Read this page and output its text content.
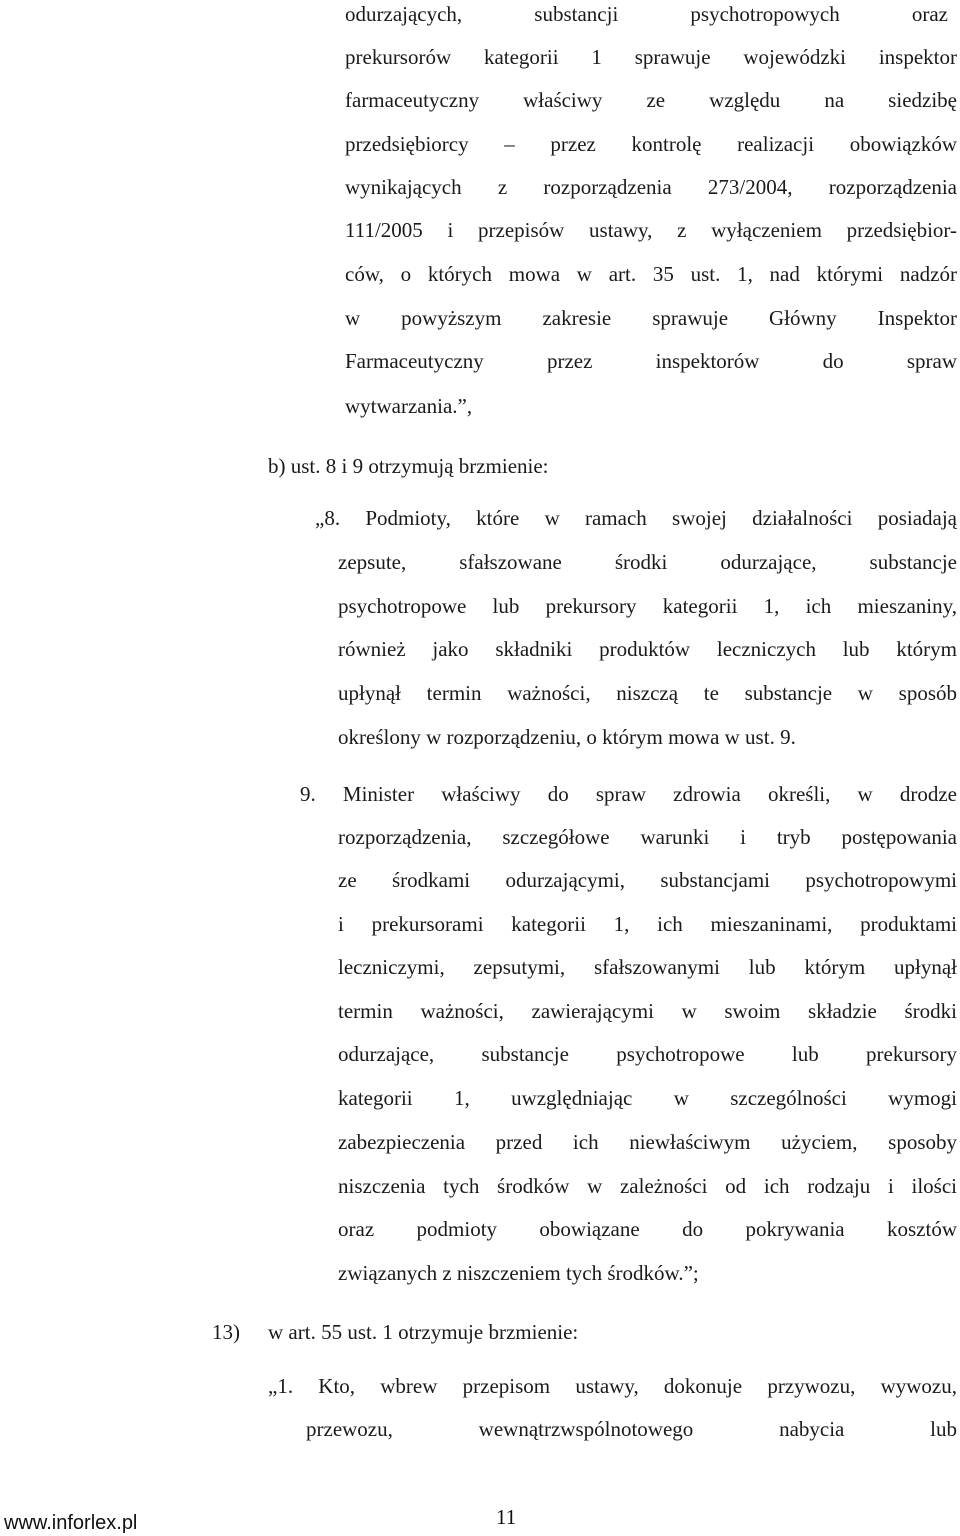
odurzających, substancji psychotropowych oraz
prekursorów kategorii 1 sprawuje wojewódzki inspektor
farmaceutyczny właściwy ze względu na siedzibę
przedsiębiorcy – przez kontrolę realizacji obowiązków
wynikających z rozporządzenia 273/2004, rozporządzenia
111/2005 i przepisów ustawy, z wyłączeniem przedsiębior-
ców, o których mowa w art. 35 ust. 1, nad którymi nadzór
w powyższym zakresie sprawuje Główny Inspektor
Farmaceutyczny przez inspektorów do spraw
wytwarzania.”,
b) ust. 8 i 9 otrzymują brzmienie:
„8. Podmioty, które w ramach swojej działalności posiadają
zepsute, sfałszowane środki odurzające, substancje
psychotropowe lub prekursory kategorii 1, ich mieszaniny,
również jako składniki produktów leczniczych lub którym
upłynął termin ważności, niszczą te substancje w sposób
określony w rozporządzeniu, o którym mowa w ust. 9.
9. Minister właściwy do spraw zdrowia określi, w drodze
rozporządzenia, szczegółowe warunki i tryb postępowania
ze środkami odurzającymi, substancjami psychotropowymi
i prekursorami kategorii 1, ich mieszaninami, produktami
leczniczymi, zepsutymi, sfałszowanymi lub którym upłynął
termin ważności, zawierającymi w swoim składzie środki
odurzające, substancje psychotropowe lub prekursory
kategorii 1, uwzględniając w szczególności wymogi
zabezpieczenia przed ich niewłaściwym użyciem, sposoby
niszczenia tych środków w zależności od ich rodzaju i ilości
oraz podmioty obowiązane do pokrywania kosztów
związanych z niszczeniem tych środków.”;
13) w art. 55 ust. 1 otrzymuje brzmienie:
„1. Kto, wbrew przepisom ustawy, dokonuje przywozu, wywozu,
przewozu, wewnątrzwspólnotowego nabycia lub
www.inforlex.pl	11
